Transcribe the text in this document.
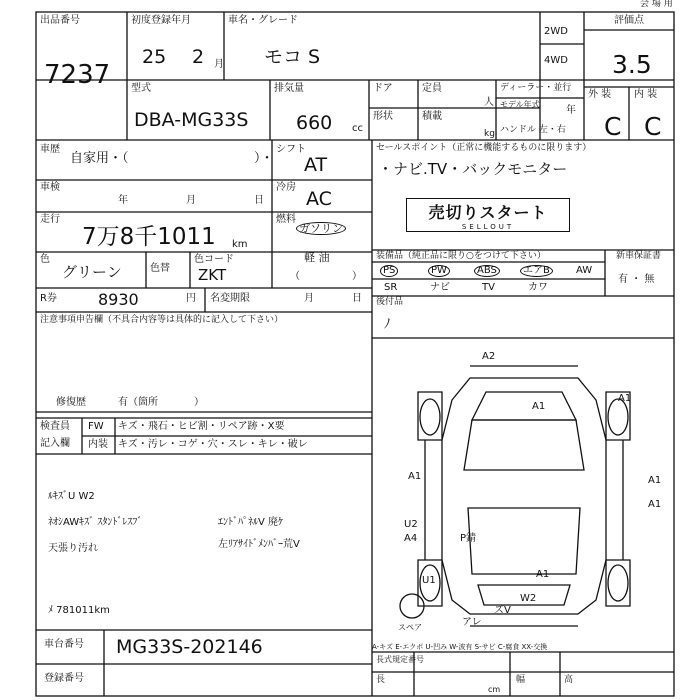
会 場 用
出品番号
7237
初度登録年月
25 2 月
車名・グレード
モコ S
2WD
4WD
評価点
3.5
型式
DBA-MG33S
排気量
660 cc
ドア	定員
人
ディーラー・並行
モデル年式
年
ハンドル 左・右
形状	積載
kg
外 装 内 装
C C
車歴
自家用・（	）・
シフト
AT
車検
年	月	日
冷房
AC
走行
7万8千1011 km
燃料
ガソリン
軽 油
（	）
色
グリーン	色替
色コード
ZKT
R券	8930	円 名変期限	月	日
注意事項申告欄（不具合内容等は具体的に記入して下さい）
修復歴	有（箇所	）
セールスポイント（正常に機能するものに限ります）
・ナビ.TV・バックモニター
売切りスタート
SELLOUT
装備品（純正品に限り○をつけて下さい）
PS	PW	ABS	エアB	AW
SR	ナビ	TV	カワ
新車保証書
有 ・ 無
後付品
ﾉ
検査員
記入欄
FW キズ・飛石・ヒビ割・リペア跡・X要
内装 キズ・汚レ・コゲ・穴・スレ・キレ・破レ
ﾙｷｽﾞU W2
ﾈｵｼAWｷｽﾞ ｽﾀﾝﾄﾞﾚｽﾌﾞ	ｴﾝﾄﾞﾊﾟﾈﾙV 廃ｹ
天張り汚れ	左ﾘｱｻｲﾄﾞﾒﾝﾊﾞｰ荒V
ﾒ 781011km
車台番号 MG33S-202146
登録番号
A2
A1
A1
A1	A1
A1
A1
A4
U2
W2
U1
P錆
スペア
ズV
アレ
A-キズ E-エクボ U-凹み W-波有 S-サビ C-腐食 XX-交換
長式規定番号
長
cm
幅	高
